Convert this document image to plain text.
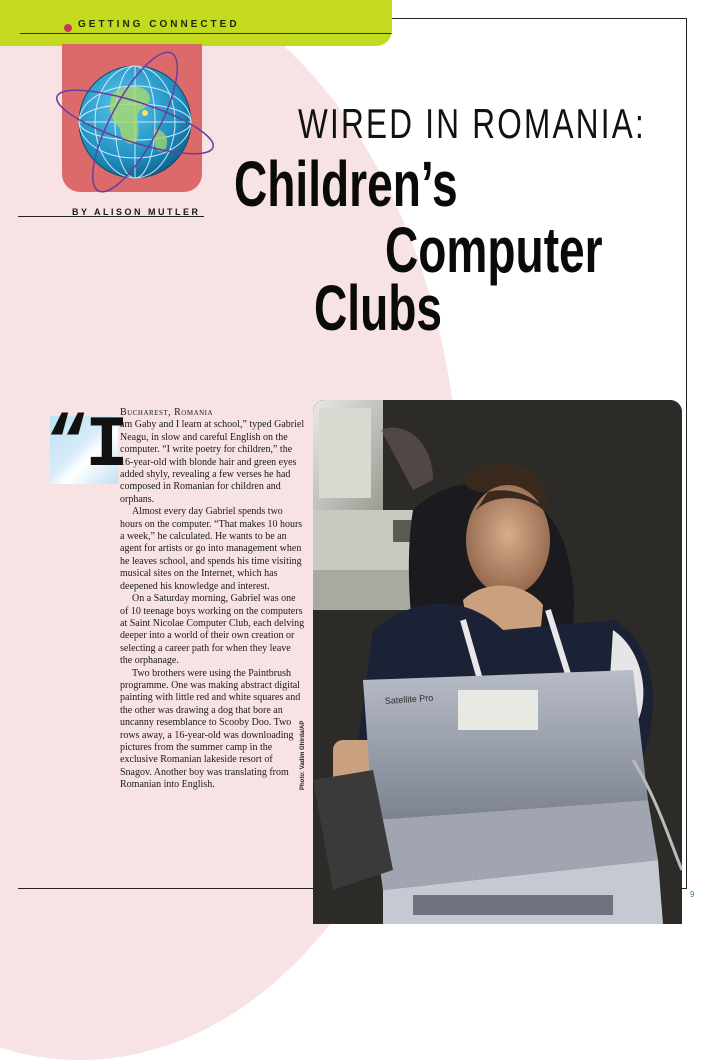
GETTING CONNECTED
BY ALISON MUTLER
WIRED IN ROMANIA:
Children’s
Computer
Clubs
“I

Bucharest, Romania

am Gaby and I learn at school,” typed Gabriel Neagu, in slow and careful English on the computer. “I write poetry for children,” the 16-year-old with blonde hair and green eyes added shyly, revealing a few verses he had composed in Romanian for children and orphans.

Almost every day Gabriel spends two hours on the computer. “That makes 10 hours a week,” he calculated. He wants to be an agent for artists or go into management when he leaves school, and spends his time visiting musical sites on the Internet, which has deepened his knowledge and interest.

On a Saturday morning, Gabriel was one of 10 teenage boys working on the computers at Saint Nicolae Computer Club, each delving deeper into a world of their own creation or selecting a career path for when they leave the orphanage.

Two brothers were using the Paintbrush programme. One was making abstract digital painting with little red and white squares and the other was drawing a dog that bore an uncanny resemblance to Scooby Doo. Two rows away, a 16-year-old was downloading pictures from the summer camp in the exclusive Romanian lakeside resort of Snagov. Another boy was translating from Romanian into English.

Satellite Pro
Photo: Vadim Ghirda/AP
9
